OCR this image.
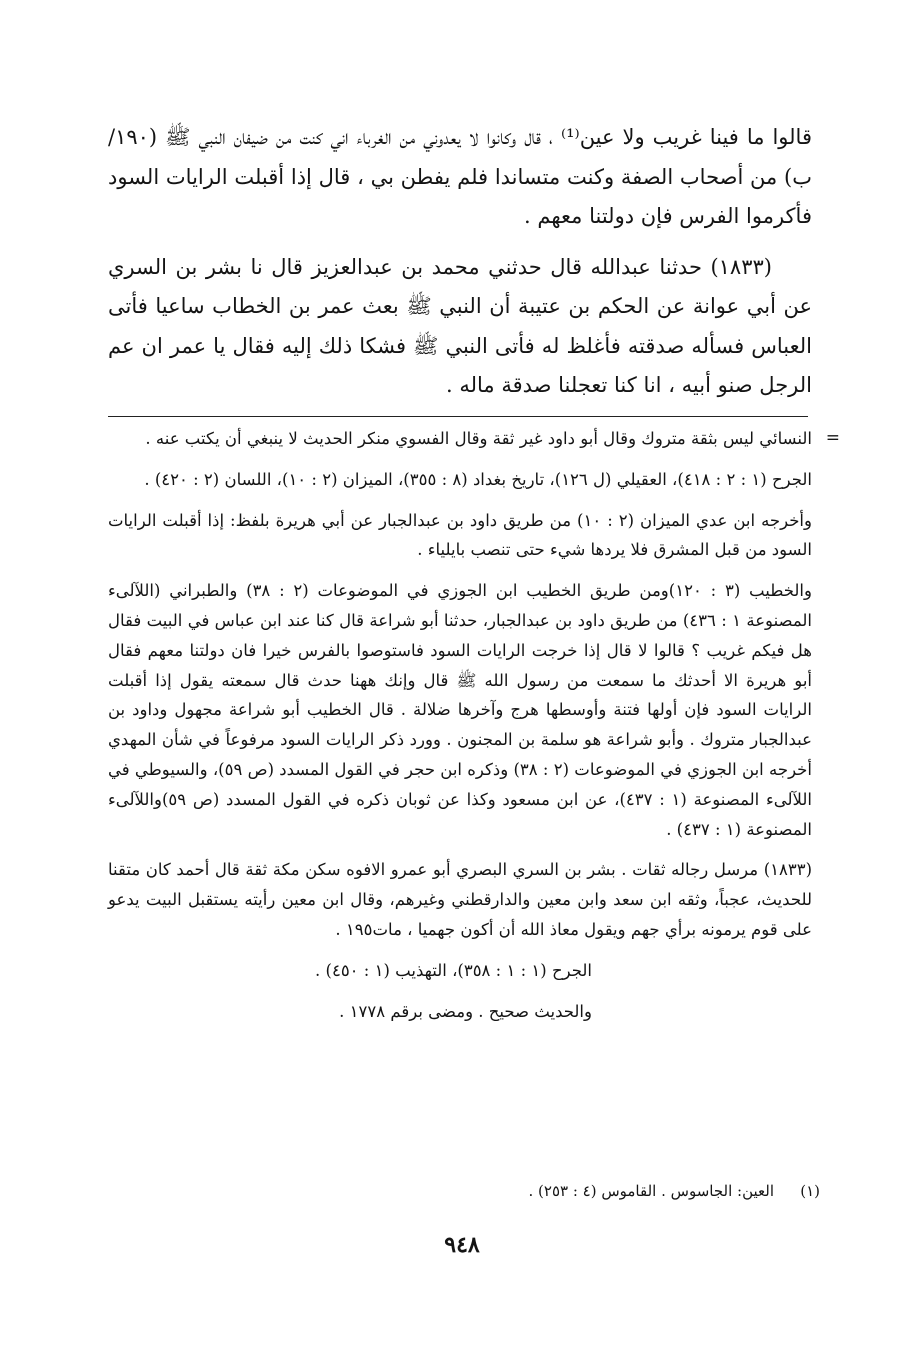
قالوا ما فينا غريب ولا عين⁽¹⁾ ، قال وكانوا لا يعدوني من الغرباء اني كنت من ضيفان النبي ﷺ (١٩٠/ب) من أصحاب الصفة وكنت متساندا فلم يفطن بي ، قال إذا أقبلت الرايات السود فأكرموا الفرس فإن دولتنا معهم .

(١٨٣٣) حدثنا عبدالله قال حدثني محمد بن عبدالعزيز قال نا بشر بن السري عن أبي عوانة عن الحكم بن عتيبة أن النبي ﷺ بعث عمر بن الخطاب ساعيا فأتى العباس فسأله صدقته فأغلظ له فأتى النبي ﷺ فشكا ذلك إليه فقال يا عمر ان عم الرجل صنو أبيه ، انا كنا تعجلنا صدقة ماله .

=
النسائي ليس بثقة متروك وقال أبو داود غير ثقة وقال الفسوي منكر الحديث لا ينبغي أن يكتب عنه .

الجرح (١ : ٢ : ٤١٨)، العقيلي (ل ١٢٦)، تاريخ بغداد (٨ : ٣٥٥)، الميزان (٢ : ١٠)، اللسان (٢ : ٤٢٠) .

وأخرجه ابن عدي الميزان (٢ : ١٠) من طريق داود بن عبدالجبار عن أبي هريرة بلفظ: إذا أقبلت الرايات السود من قبل المشرق فلا يردها شيء حتى تنصب بايلياء .

والخطيب (٣ : ١٢٠)ومن طريق الخطيب ابن الجوزي في الموضوعات (٢ : ٣٨) والطبراني (اللآلىء المصنوعة ١ : ٤٣٦) من طريق داود بن عبدالجبار، حدثنا أبو شراعة قال كنا عند ابن عباس في البيت فقال هل فيكم غريب ؟ قالوا لا قال إذا خرجت الرايات السود فاستوصوا بالفرس خيرا فان دولتنا معهم فقال أبو هريرة الا أحدثك ما سمعت من رسول الله ﷺ قال وإنك ههنا حدث قال سمعته يقول إذا أقبلت الرايات السود فإن أولها فتنة وأوسطها هرج وآخرها ضلالة . قال الخطيب أبو شراعة مجهول وداود بن عبدالجبار متروك . وأبو شراعة هو سلمة بن المجنون . وورد ذكر الرايات السود مرفوعاً في شأن المهدي أخرجه ابن الجوزي في الموضوعات (٢ : ٣٨) وذكره ابن حجر في القول المسدد (ص ٥٩)، والسيوطي في اللآلىء المصنوعة (١ : ٤٣٧)، عن ابن مسعود وكذا عن ثوبان ذكره في القول المسدد (ص ٥٩)واللآلىء المصنوعة (١ : ٤٣٧) .

(١٨٣٣) مرسل رجاله ثقات . بشر بن السري البصري أبو عمرو الافوه سكن مكة ثقة قال أحمد كان متقنا للحديث، عجباً، وثقه ابن سعد وابن معين والدارقطني وغيرهم، وقال ابن معين رأيته يستقبل البيت يدعو على قوم يرمونه برأي جهم ويقول معاذ الله أن أكون جهميا ، مات١٩٥ .

الجرح (١ : ١ : ٣٥٨)، التهذيب (١ : ٤٥٠) .

والحديث صحيح . ومضى برقم ١٧٧٨ .

(١)
العين: الجاسوس . القاموس (٤ : ٢٥٣) .
٩٤٨
